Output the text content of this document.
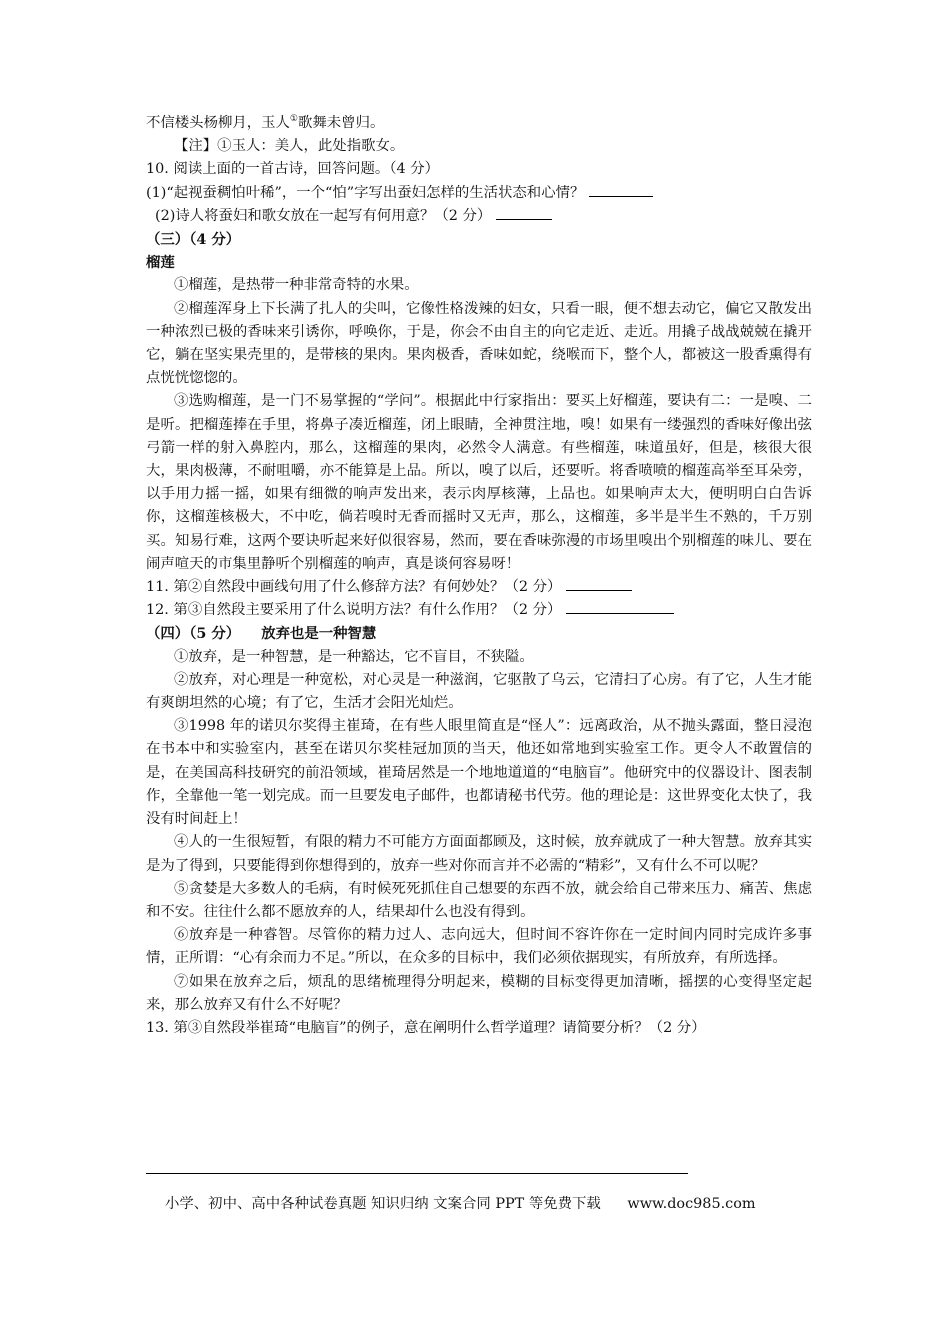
不信楼头杨柳月，玉人①歌舞未曾归。
【注】①玉人：美人，此处指歌女。
10. 阅读上面的一首古诗，回答问题。（4 分）
(1)“起视蚕稠怕叶稀”，一个“怕”字写出蚕妇怎样的生活状态和心情？
(2)诗人将蚕妇和歌女放在一起写有何用意？（2 分）
（三）（4 分）
榴莲
①榴莲，是热带一种非常奇特的水果。
②榴莲浑身上下长满了扎人的尖叫，它像性格泼辣的妇女，只看一眼，便不想去动它，偏它又散发出一种浓烈已极的香味来引诱你，呼唤你，于是，你会不由自主的向它走近、走近。用撬子战战兢兢在撬开它，躺在坚实果壳里的，是带核的果肉。果肉极香，香味如蛇，绕喉而下，整个人，都被这一股香熏得有点恍恍惚惚的。
③选购榴莲，是一门不易掌握的“学问”。根据此中行家指出：要买上好榴莲，要诀有二：一是嗅、二是听。把榴莲捧在手里，将鼻子凑近榴莲，闭上眼睛，全神贯注地，嗅！如果有一缕强烈的香味好像出弦弓箭一样的射入鼻腔内，那么，这榴莲的果肉，必然令人满意。有些榴莲，味道虽好，但是，核很大很大，果肉极薄，不耐咀嚼，亦不能算是上品。所以，嗅了以后，还要听。将香喷喷的榴莲高举至耳朵旁，以手用力摇一摇，如果有细微的响声发出来，表示肉厚核薄，上品也。如果响声太大，便明明白白告诉你，这榴莲核极大，不中吃，倘若嗅时无香而摇时又无声，那么，这榴莲，多半是半生不熟的，千万别买。知易行难，这两个要诀听起来好似很容易，然而，要在香味弥漫的市场里嗅出个别榴莲的味儿、要在闹声喧天的市集里静听个别榴莲的响声，真是谈何容易呀！
11. 第②自然段中画线句用了什么修辞方法？有何妙处？（2 分）
12. 第③自然段主要采用了什么说明方法？有什么作用？（2 分）
（四）（5 分） 放弃也是一种智慧
①放弃，是一种智慧，是一种豁达，它不盲目，不狭隘。
②放弃，对心理是一种宽松，对心灵是一种滋润，它驱散了乌云，它清扫了心房。有了它，人生才能有爽朗坦然的心境；有了它，生活才会阳光灿烂。
③1998 年的诺贝尔奖得主崔琦，在有些人眼里简直是“怪人”：远离政治，从不抛头露面，整日浸泡在书本中和实验室内，甚至在诺贝尔奖桂冠加顶的当天，他还如常地到实验室工作。更令人不敢置信的是，在美国高科技研究的前沿领域，崔琦居然是一个地地道道的“电脑盲”。他研究中的仪器设计、图表制作，全靠他一笔一划完成。而一旦要发电子邮件，也都请秘书代劳。他的理论是：这世界变化太快了，我没有时间赶上！
④人的一生很短暂，有限的精力不可能方方面面都顾及，这时候，放弃就成了一种大智慧。放弃其实是为了得到，只要能得到你想得到的，放弃一些对你而言并不必需的“精彩”，又有什么不可以呢？
⑤贪婪是大多数人的毛病，有时候死死抓住自己想要的东西不放，就会给自己带来压力、痛苦、焦虑和不安。往往什么都不愿放弃的人，结果却什么也没有得到。
⑥放弃是一种睿智。尽管你的精力过人、志向远大，但时间不容许你在一定时间内同时完成许多事情，正所谓：“心有余而力不足。”所以，在众多的目标中，我们必须依据现实，有所放弃，有所选择。
⑦如果在放弃之后，烦乱的思绪梳理得分明起来，模糊的目标变得更加清晰，摇摆的心变得坚定起来，那么放弃又有什么不好呢？
13. 第③自然段举崔琦“电脑盲”的例子，意在阐明什么哲学道理？请简要分析？（2 分）
小学、初中、高中各种试卷真题 知识归纳 文案合同 PPT 等免费下载 www.doc985.com
